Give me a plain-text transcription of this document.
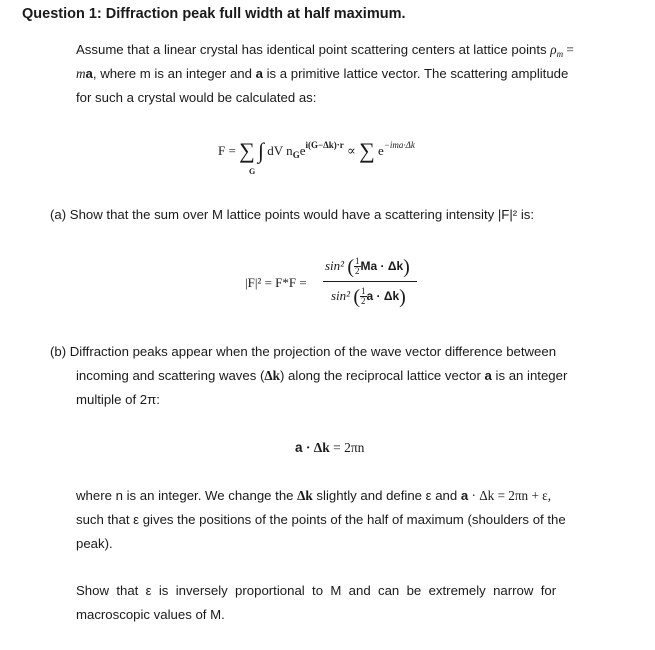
Question 1: Diffraction peak full width at half maximum.
Assume that a linear crystal has identical point scattering centers at lattice points $\rho_m$ =
ma, where m is an integer and a is a primitive lattice vector. The scattering amplitude
for such a crystal would be calculated as:
F = ∑ ∫ dV $n_Ge^{i(G-\Delta k)\cdot r}$ ∝ ∑ $e^{-ima\cdot\Delta k}$
G
(a) Show that the sum over M lattice points would have a scattering intensity |F|² is:
|F|² = F*F =
sin² ( $\frac{1}{2}$ Ma · Δk)
sin² ( $\frac{1}{2}$ a · Δk)
(b) Diffraction peaks appear when the projection of the wave vector difference between
incoming and scattering waves (Δk) along the reciprocal lattice vector a is an integer
multiple of 2π:
a · Δk = 2πn
where n is an integer. We change the Δk slightly and define ε and a · Δk = 2πn + ε,
such that ε gives the positions of the points of the half of maximum (shoulders of the
peak).
Show  that  ε  is  inversely  proportional  to  M  and  can  be  extremely  narrow  for
macroscopic values of M.
